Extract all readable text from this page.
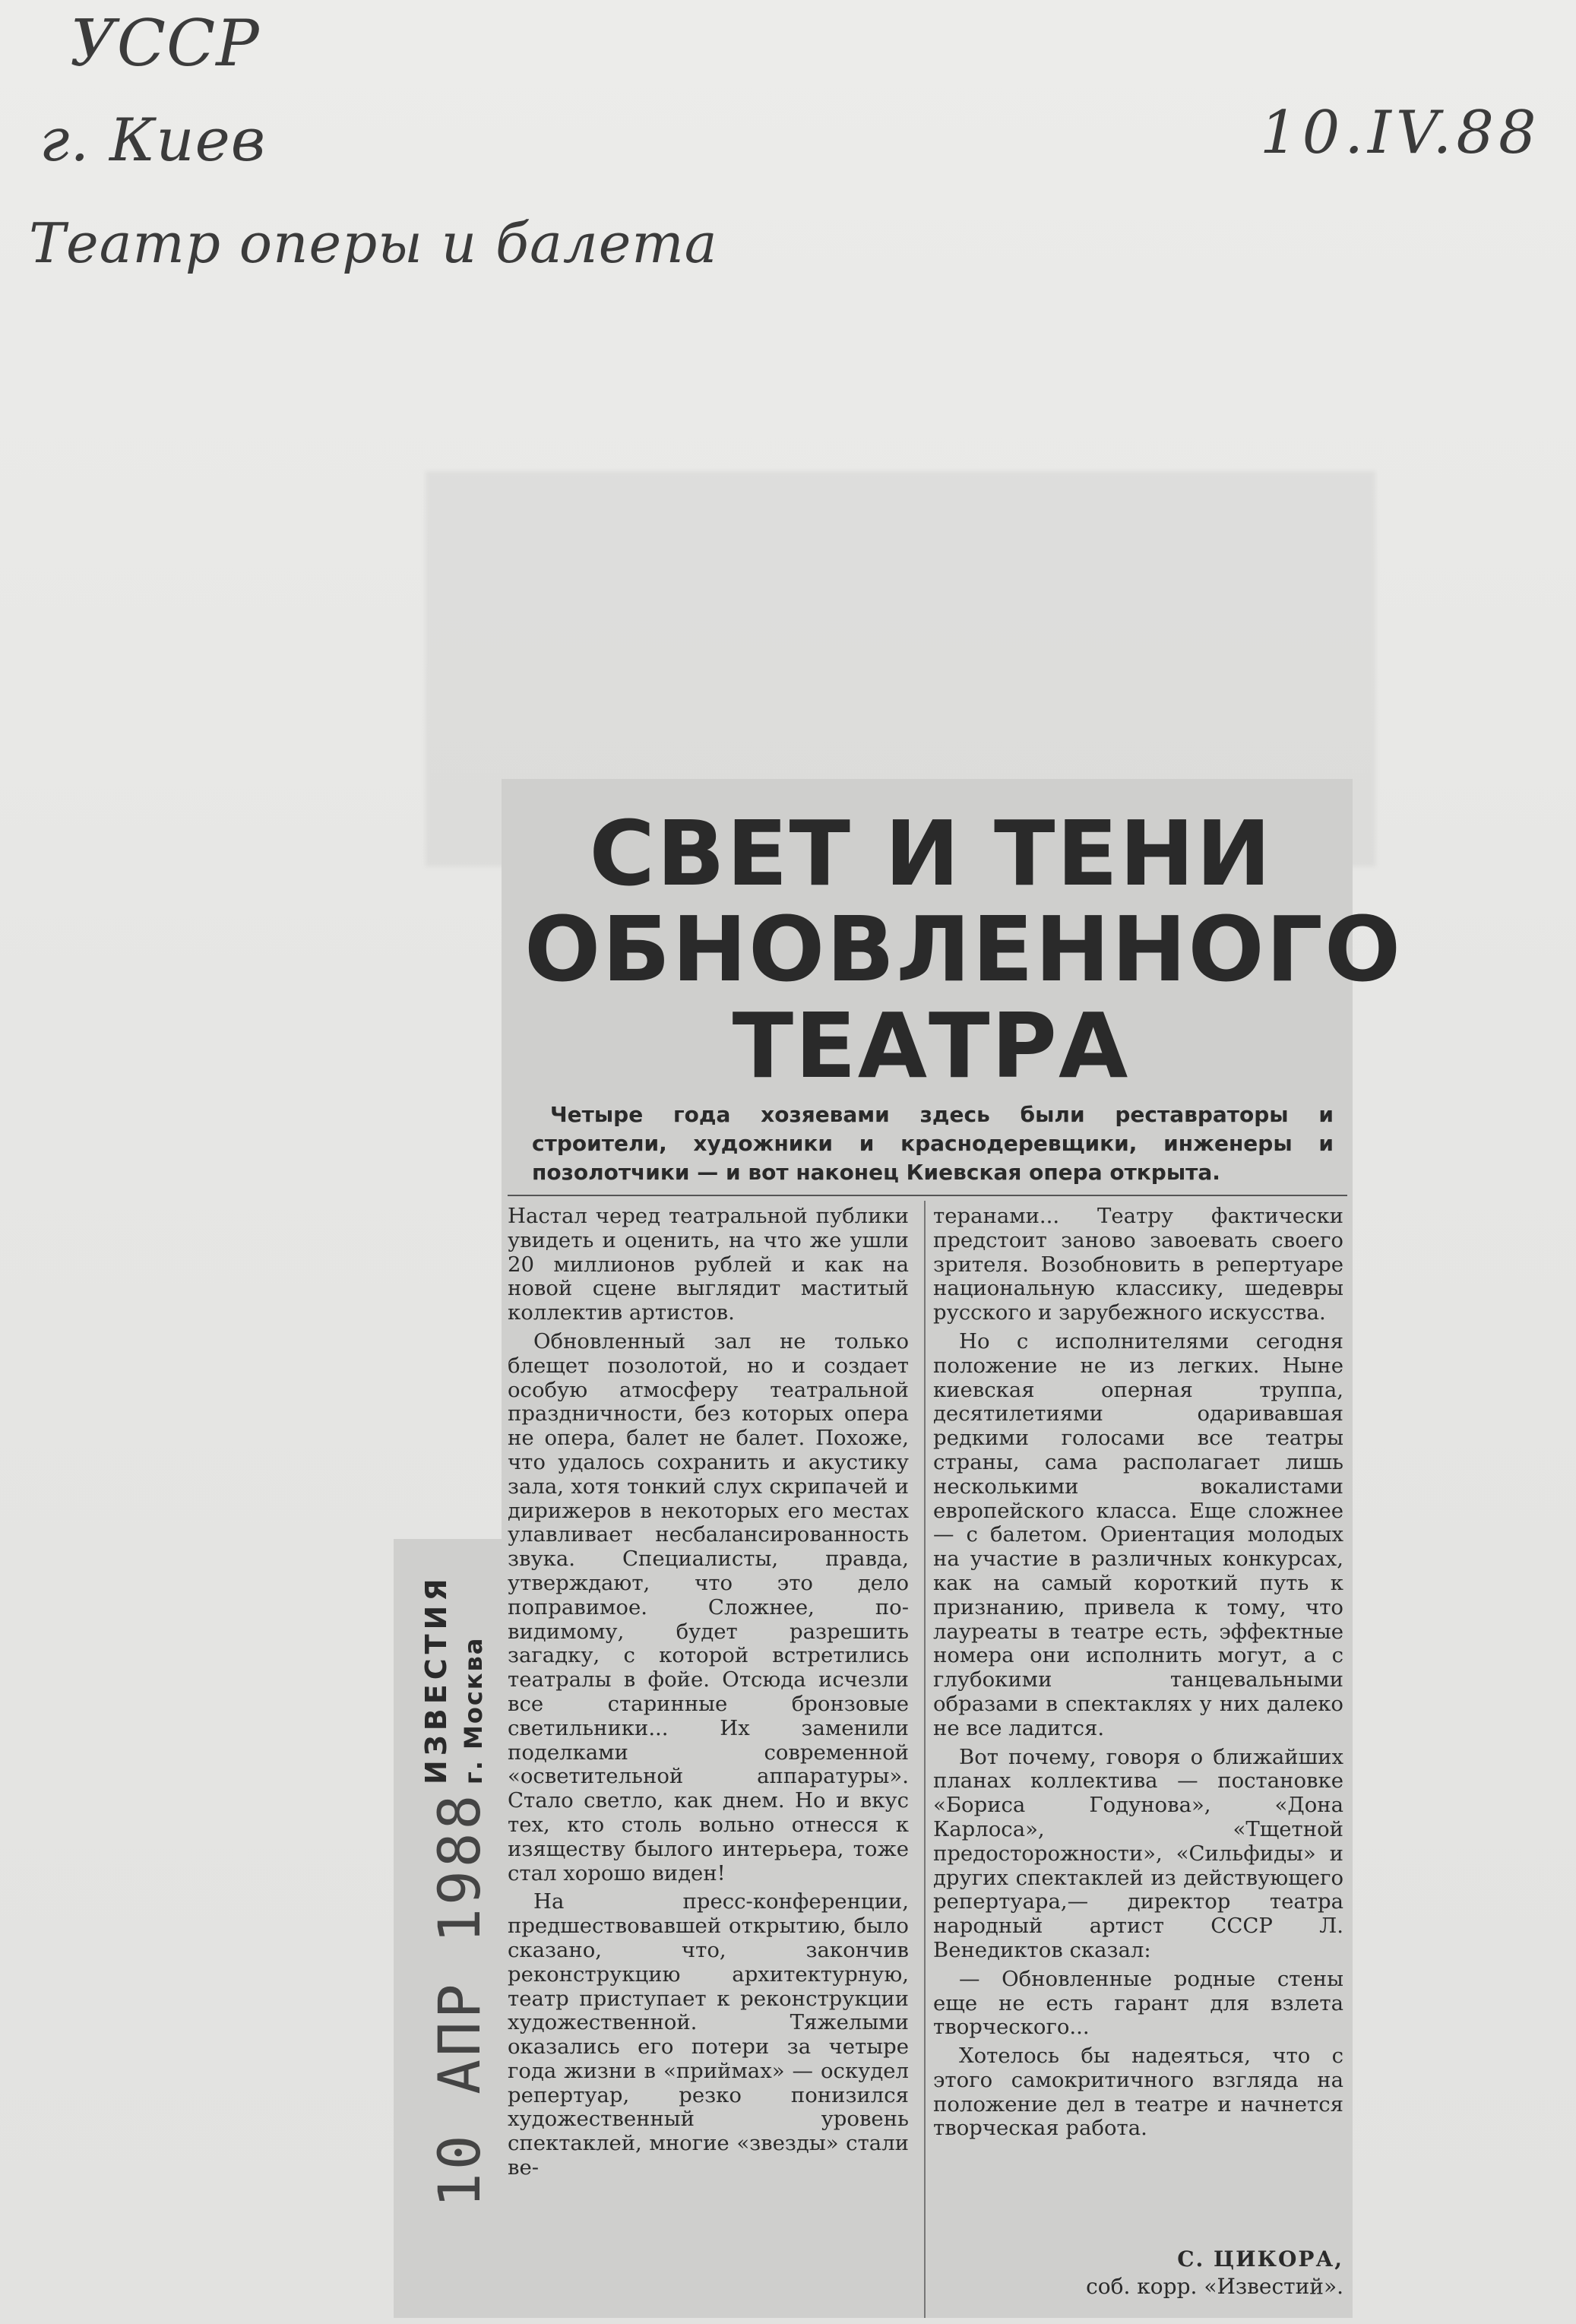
УССР
г. Киев
Театр оперы и балета
10.IV.88
ИЗВЕСТИЯ г. Москва
10 АПР 1988
СВЕТ И ТЕНИ ОБНОВЛЕННОГО ТЕАТРА

Четыре года хозяевами здесь были реставраторы и строители, художники и краснодеревщики, инженеры и позолотчики — и вот наконец Киевская опера открыта.

Настал черед театральной публики увидеть и оценить, на что же ушли 20 миллионов рублей и как на новой сцене выглядит маститый коллектив артистов.

Обновленный зал не только блещет позолотой, но и создает особую атмосферу театральной праздничности, без которых опера не опера, балет не балет. Похоже, что удалось сохранить и акустику зала, хотя тонкий слух скрипачей и дирижеров в некоторых его местах улавливает несбалансированность звука. Специалисты, правда, утверждают, что это дело поправимое. Сложнее, по-видимому, будет разрешить загадку, с которой встретились театралы в фойе. Отсюда исчезли все старинные бронзовые светильники... Их заменили поделками современной «осветительной аппаратуры». Стало светло, как днем. Но и вкус тех, кто столь вольно отнесся к изяществу былого интерьера, тоже стал хорошо виден!

На пресс-конференции, предшествовавшей открытию, было сказано, что, закончив реконструкцию архитектурную, театр приступает к реконструкции художественной. Тяжелыми оказались его потери за четыре года жизни в «приймах» — оскудел репертуар, резко понизился художественный уровень спектаклей, многие «звезды» стали ве-

теранами... Театру фактически предстоит заново завоевать своего зрителя. Возобновить в репертуаре национальную классику, шедевры русского и зарубежного искусства.

Но с исполнителями сегодня положение не из легких. Ныне киевская оперная труппа, десятилетиями одаривавшая редкими голосами все театры страны, сама располагает лишь несколькими вокалистами европейского класса. Еще сложнее — с балетом. Ориентация молодых на участие в различных конкурсах, как на самый короткий путь к признанию, привела к тому, что лауреаты в театре есть, эффектные номера они исполнить могут, а с глубокими танцевальными образами в спектаклях у них далеко не все ладится.

Вот почему, говоря о ближайших планах коллектива — постановке «Бориса Годунова», «Дона Карлоса», «Тщетной предосторожности», «Сильфиды» и других спектаклей из действующего репертуара,— директор театра народный артист СССР Л. Венедиктов сказал:

— Обновленные родные стены еще не есть гарант для взлета творческого...

Хотелось бы надеяться, что с этого самокритичного взгляда на положение дел в театре и начнется творческая работа.

С. ЦИКОРА,
соб. корр. «Известий».
